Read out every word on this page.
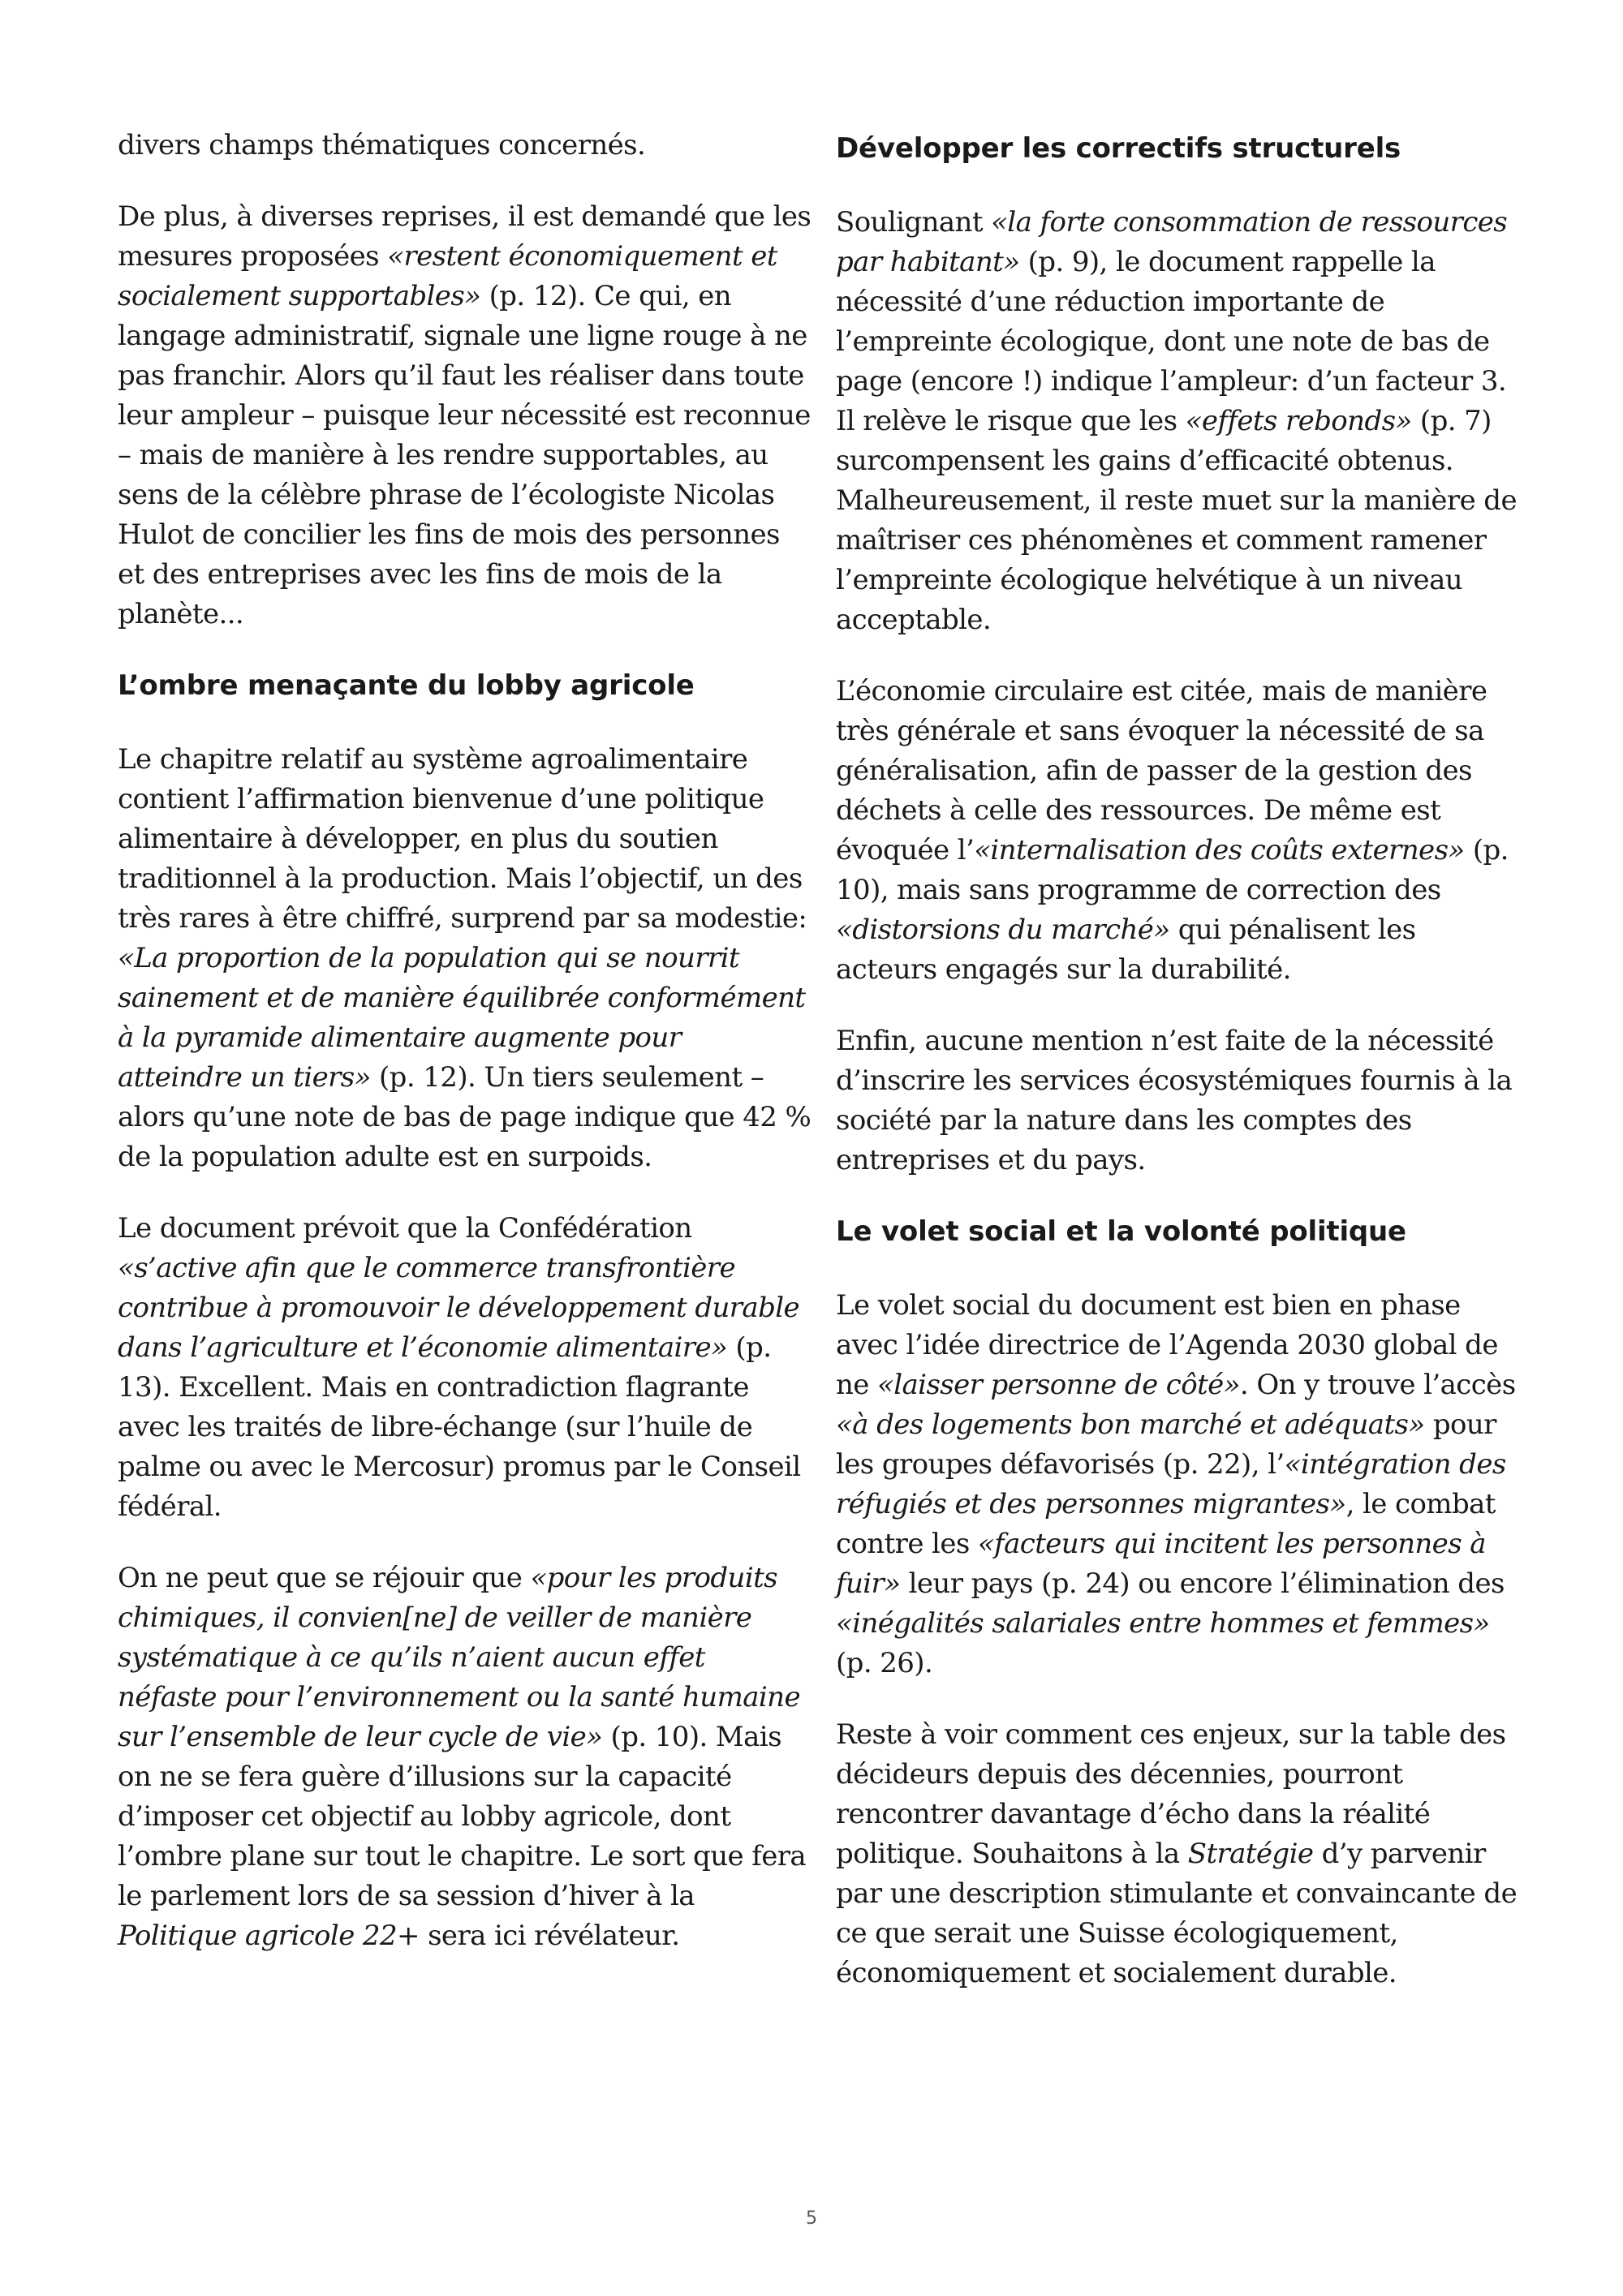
divers champs thématiques concernés.

De plus, à diverses reprises, il est demandé que les mesures proposées «restent économiquement et socialement supportables» (p. 12). Ce qui, en langage administratif, signale une ligne rouge à ne pas franchir. Alors qu’il faut les réaliser dans toute leur ampleur – puisque leur nécessité est reconnue – mais de manière à les rendre supportables, au sens de la célèbre phrase de l’écologiste Nicolas Hulot de concilier les fins de mois des personnes et des entreprises avec les fins de mois de la planète...

L’ombre menaçante du lobby agricole

Le chapitre relatif au système agroalimentaire contient l’affirmation bienvenue d’une politique alimentaire à développer, en plus du soutien traditionnel à la production. Mais l’objectif, un des très rares à être chiffré, surprend par sa modestie: «La proportion de la population qui se nourrit sainement et de manière équilibrée conformément à la pyramide alimentaire augmente pour atteindre un tiers» (p. 12). Un tiers seulement – alors qu’une note de bas de page indique que 42 % de la population adulte est en surpoids.

Le document prévoit que la Confédération «s’active afin que le commerce transfrontière contribue à promouvoir le développement durable dans l’agriculture et l’économie alimentaire» (p. 13). Excellent. Mais en contradiction flagrante avec les traités de libre-échange (sur l’huile de palme ou avec le Mercosur) promus par le Conseil fédéral.

On ne peut que se réjouir que «pour les produits chimiques, il convien[ne] de veiller de manière systématique à ce qu’ils n’aient aucun effet néfaste pour l’environnement ou la santé humaine sur l’ensemble de leur cycle de vie» (p. 10). Mais on ne se fera guère d’illusions sur la capacité d’imposer cet objectif au lobby agricole, dont l’ombre plane sur tout le chapitre. Le sort que fera le parlement lors de sa session d’hiver à la Politique agricole 22+ sera ici révélateur.

Développer les correctifs structurels

Soulignant «la forte consommation de ressources par habitant» (p. 9), le document rappelle la nécessité d’une réduction importante de l’empreinte écologique, dont une note de bas de page (encore !) indique l’ampleur: d’un facteur 3. Il relève le risque que les «effets rebonds» (p. 7) surcompensent les gains d’efficacité obtenus. Malheureusement, il reste muet sur la manière de maîtriser ces phénomènes et comment ramener l’empreinte écologique helvétique à un niveau acceptable.

L’économie circulaire est citée, mais de manière très générale et sans évoquer la nécessité de sa généralisation, afin de passer de la gestion des déchets à celle des ressources. De même est évoquée l’«internalisation des coûts externes» (p. 10), mais sans programme de correction des «distorsions du marché» qui pénalisent les acteurs engagés sur la durabilité.

Enfin, aucune mention n’est faite de la nécessité d’inscrire les services écosystémiques fournis à la société par la nature dans les comptes des entreprises et du pays.

Le volet social et la volonté politique

Le volet social du document est bien en phase avec l’idée directrice de l’Agenda 2030 global de ne «laisser personne de côté». On y trouve l’accès «à des logements bon marché et adéquats» pour les groupes défavorisés (p. 22), l’«intégration des réfugiés et des personnes migrantes», le combat contre les «facteurs qui incitent les personnes à fuir» leur pays (p. 24) ou encore l’élimination des «inégalités salariales entre hommes et femmes» (p. 26).

Reste à voir comment ces enjeux, sur la table des décideurs depuis des décennies, pourront rencontrer davantage d’écho dans la réalité politique. Souhaitons à la Stratégie d’y parvenir par une description stimulante et convaincante de ce que serait une Suisse écologiquement, économiquement et socialement durable.

5
